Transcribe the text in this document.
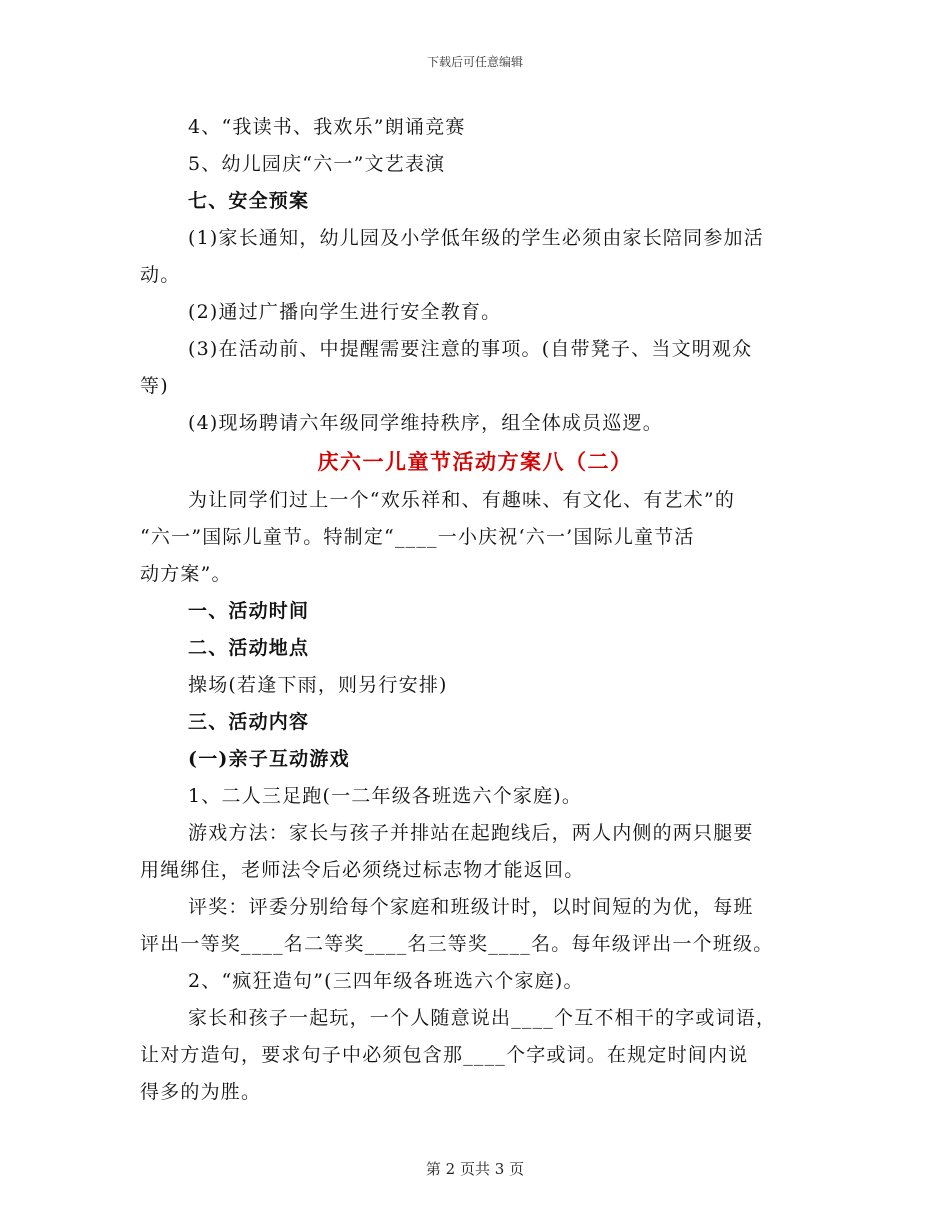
下载后可任意编辑
4、“我读书、我欢乐”朗诵竞赛
5、幼儿园庆“六一”文艺表演
七、安全预案
(1)家长通知，幼儿园及小学低年级的学生必须由家长陪同参加活
动。
(2)通过广播向学生进行安全教育。
(3)在活动前、中提醒需要注意的事项。(自带凳子、当文明观众
等)
(4)现场聘请六年级同学维持秩序，组全体成员巡逻。
庆六一儿童节活动方案八（二）
为让同学们过上一个“欢乐祥和、有趣味、有文化、有艺术”的
“六一”国际儿童节。特制定“____一小庆祝‘六一’国际儿童节活
动方案”。
一、活动时间
二、活动地点
操场(若逢下雨，则另行安排)
三、活动内容
(一)亲子互动游戏
1、二人三足跑(一二年级各班选六个家庭)。
游戏方法：家长与孩子并排站在起跑线后，两人内侧的两只腿要
用绳绑住，老师法令后必须绕过标志物才能返回。
评奖：评委分别给每个家庭和班级计时，以时间短的为优，每班
评出一等奖____名二等奖____名三等奖____名。每年级评出一个班级。
2、“疯狂造句”(三四年级各班选六个家庭)。
家长和孩子一起玩，一个人随意说出____个互不相干的字或词语，
让对方造句，要求句子中必须包含那____个字或词。在规定时间内说
得多的为胜。
第 2 页共 3 页
